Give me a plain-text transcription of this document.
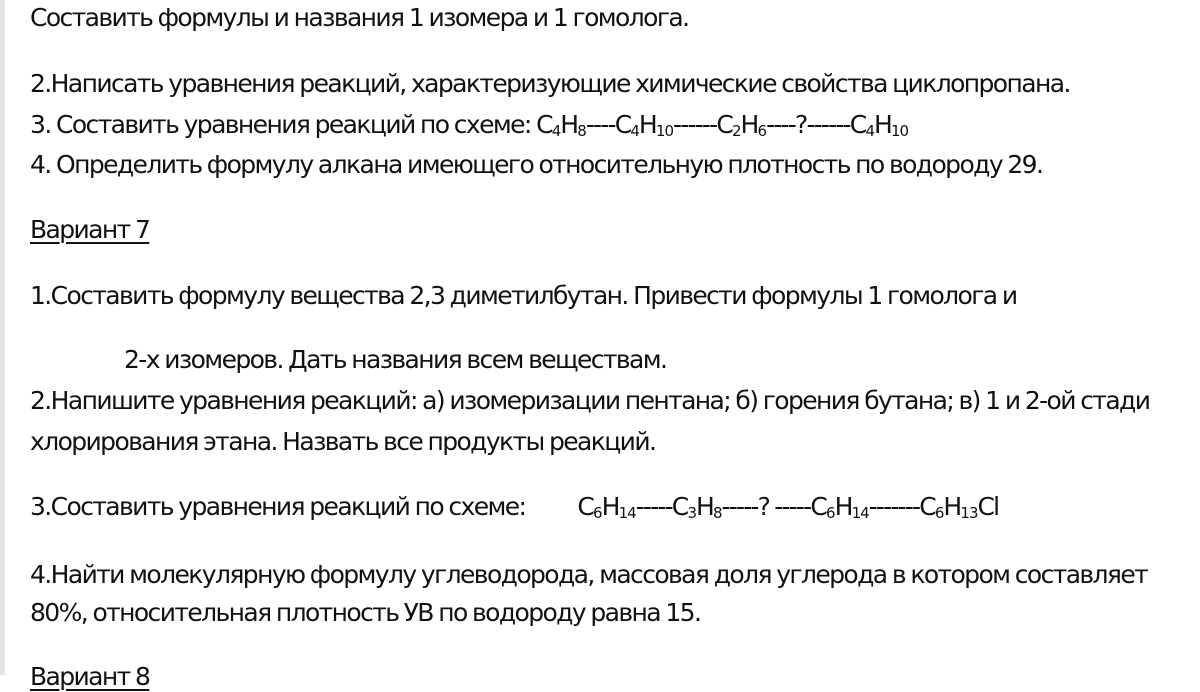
Составить формулы и названия 1 изомера и 1 гомолога.
2.Написать уравнения реакций, характеризующие химические свойства циклопропана.
3. Составить уравнения реакций по схеме: $C_4H_8----C_4H_{10}------C_2H_6----?------C_4H_{10}$
4. Определить формулу алкана имеющего относительную плотность по водороду 29.
Вариант 7
1.Составить формулу вещества 2,3 диметилбутан. Привести формулы 1 гомолога и
2-х изомеров. Дать названия всем веществам.
2.Напишите уравнения реакций: а) изомеризации пентана; б) горения бутана; в) 1 и 2-ой стади
хлорирования этана. Назвать все продукты реакций.
3.Составить уравнения реакций по схеме: $C_6H_{14}-----C_3H_8-----$? $-----C_6H_{14}-------C_6H_{13}Cl$
4.Найти молекулярную формулу углеводорода, массовая доля углерода в котором составляет
80%, относительная плотность УВ по водороду равна 15.
Вариант 8
